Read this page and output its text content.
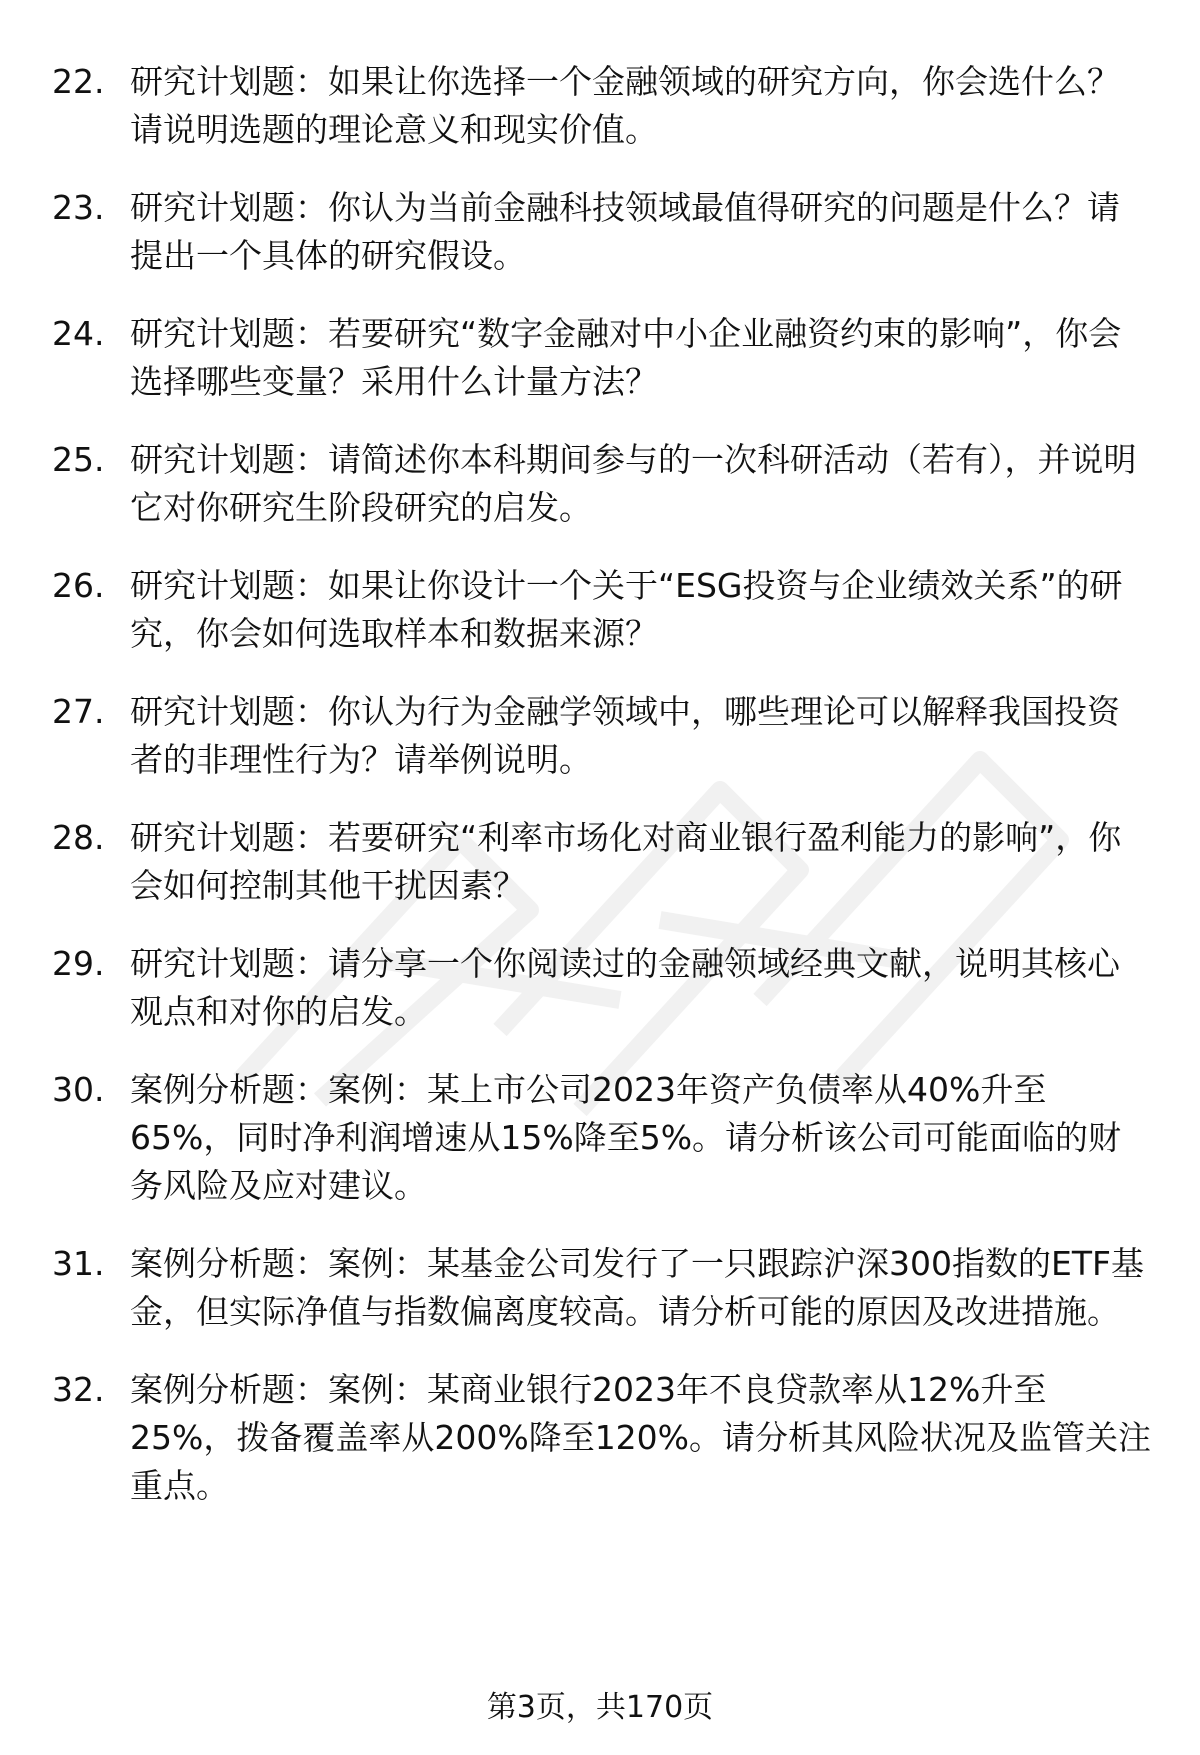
22. 研究计划题：如果让你选择一个金融领域的研究方向，你会选什么？请说明选题的理论意义和现实价值。
23. 研究计划题：你认为当前金融科技领域最值得研究的问题是什么？请提出一个具体的研究假设。
24. 研究计划题：若要研究“数字金融对中小企业融资约束的影响”，你会选择哪些变量？采用什么计量方法？
25. 研究计划题：请简述你本科期间参与的一次科研活动（若有），并说明它对你研究生阶段研究的启发。
26. 研究计划题：如果让你设计一个关于“ESG投资与企业绩效关系”的研究，你会如何选取样本和数据来源？
27. 研究计划题：你认为行为金融学领域中，哪些理论可以解释我国投资者的非理性行为？请举例说明。
28. 研究计划题：若要研究“利率市场化对商业银行盈利能力的影响”，你会如何控制其他干扰因素？
29. 研究计划题：请分享一个你阅读过的金融领域经典文献，说明其核心观点和对你的启发。
30. 案例分析题：案例：某上市公司2023年资产负债率从40%升至65%，同时净利润增速从15%降至5%。请分析该公司可能面临的财务风险及应对建议。
31. 案例分析题：案例：某基金公司发行了一只跟踪沪深300指数的ETF基金，但实际净值与指数偏离度较高。请分析可能的原因及改进措施。
32. 案例分析题：案例：某商业银行2023年不良贷款率从12%升至25%，拨备覆盖率从200%降至120%。请分析其风险状况及监管关注重点。
第3页，共170页
